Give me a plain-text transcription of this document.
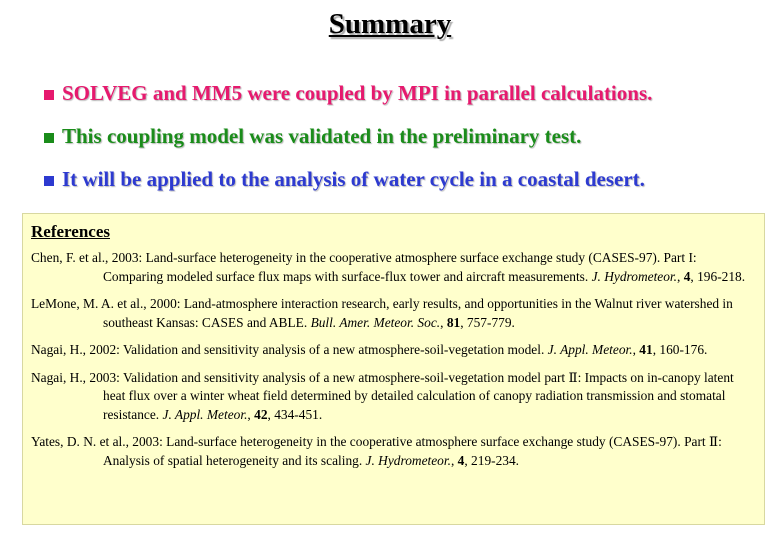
Summary
SOLVEG and MM5 were coupled by MPI in parallel calculations.
This coupling model was validated in the preliminary test.
It will be applied to the analysis of water cycle in a coastal desert.
References
Chen, F. et al., 2003: Land-surface heterogeneity in the cooperative atmosphere surface exchange study (CASES-97). Part I: Comparing modeled surface flux maps with surface-flux tower and aircraft measurements. J. Hydrometeor., 4, 196-218.
LeMone, M. A. et al., 2000: Land-atmosphere interaction research, early results, and opportunities in the Walnut river watershed in southeast Kansas: CASES and ABLE. Bull. Amer. Meteor. Soc., 81, 757-779.
Nagai, H., 2002: Validation and sensitivity analysis of a new atmosphere-soil-vegetation model. J. Appl. Meteor., 41, 160-176.
Nagai, H., 2003: Validation and sensitivity analysis of a new atmosphere-soil-vegetation model part Ⅱ: Impacts on in-canopy latent heat flux over a winter wheat field determined by detailed calculation of canopy radiation transmission and stomatal resistance. J. Appl. Meteor., 42, 434-451.
Yates, D. N. et al., 2003: Land-surface heterogeneity in the cooperative atmosphere surface exchange study (CASES-97). Part Ⅱ: Analysis of spatial heterogeneity and its scaling. J. Hydrometeor., 4, 219-234.
